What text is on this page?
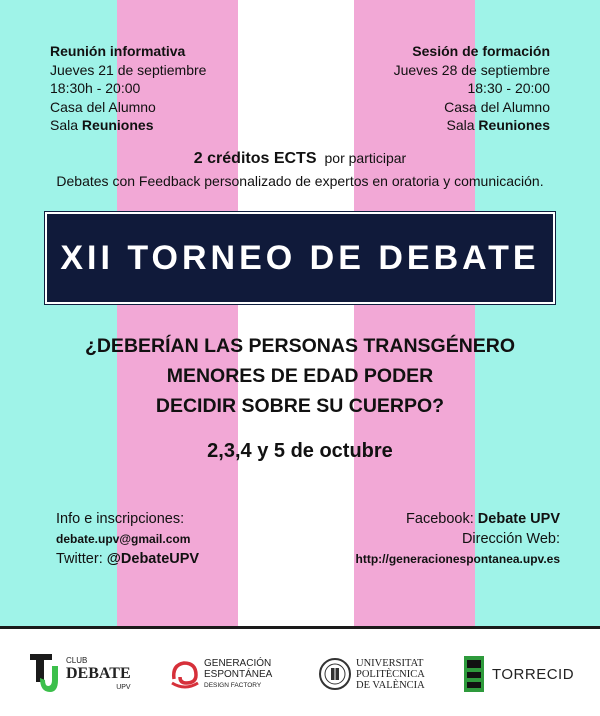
Reunión informativa
Jueves 21 de septiembre
18:30h - 20:00
Casa del Alumno
Sala Reuniones
Sesión de formación
Jueves 28 de septiembre
18:30 - 20:00
Casa del Alumno
Sala Reuniones
2 créditos ECTS por participar
Debates con Feedback personalizado de expertos en oratoria y comunicación.
XII TORNEO DE DEBATE
¿DEBERÍAN LAS PERSONAS TRANSGÉNERO
MENORES DE EDAD PODER
DECIDIR SOBRE SU CUERPO?
2,3,4 y 5 de octubre
Info e inscripciones:
debate.upv@gmail.com
Twitter: @DebateUPV
Facebook: Debate UPV
Dirección Web:
http://generacionespontanea.upv.es
CLUB
DEBATE
UPV
GENERACIÓN
ESPONTÁNEA
DESIGN FACTORY
UNIVERSITAT
POLITÈCNICA
DE VALÈNCIA
TORRECID
